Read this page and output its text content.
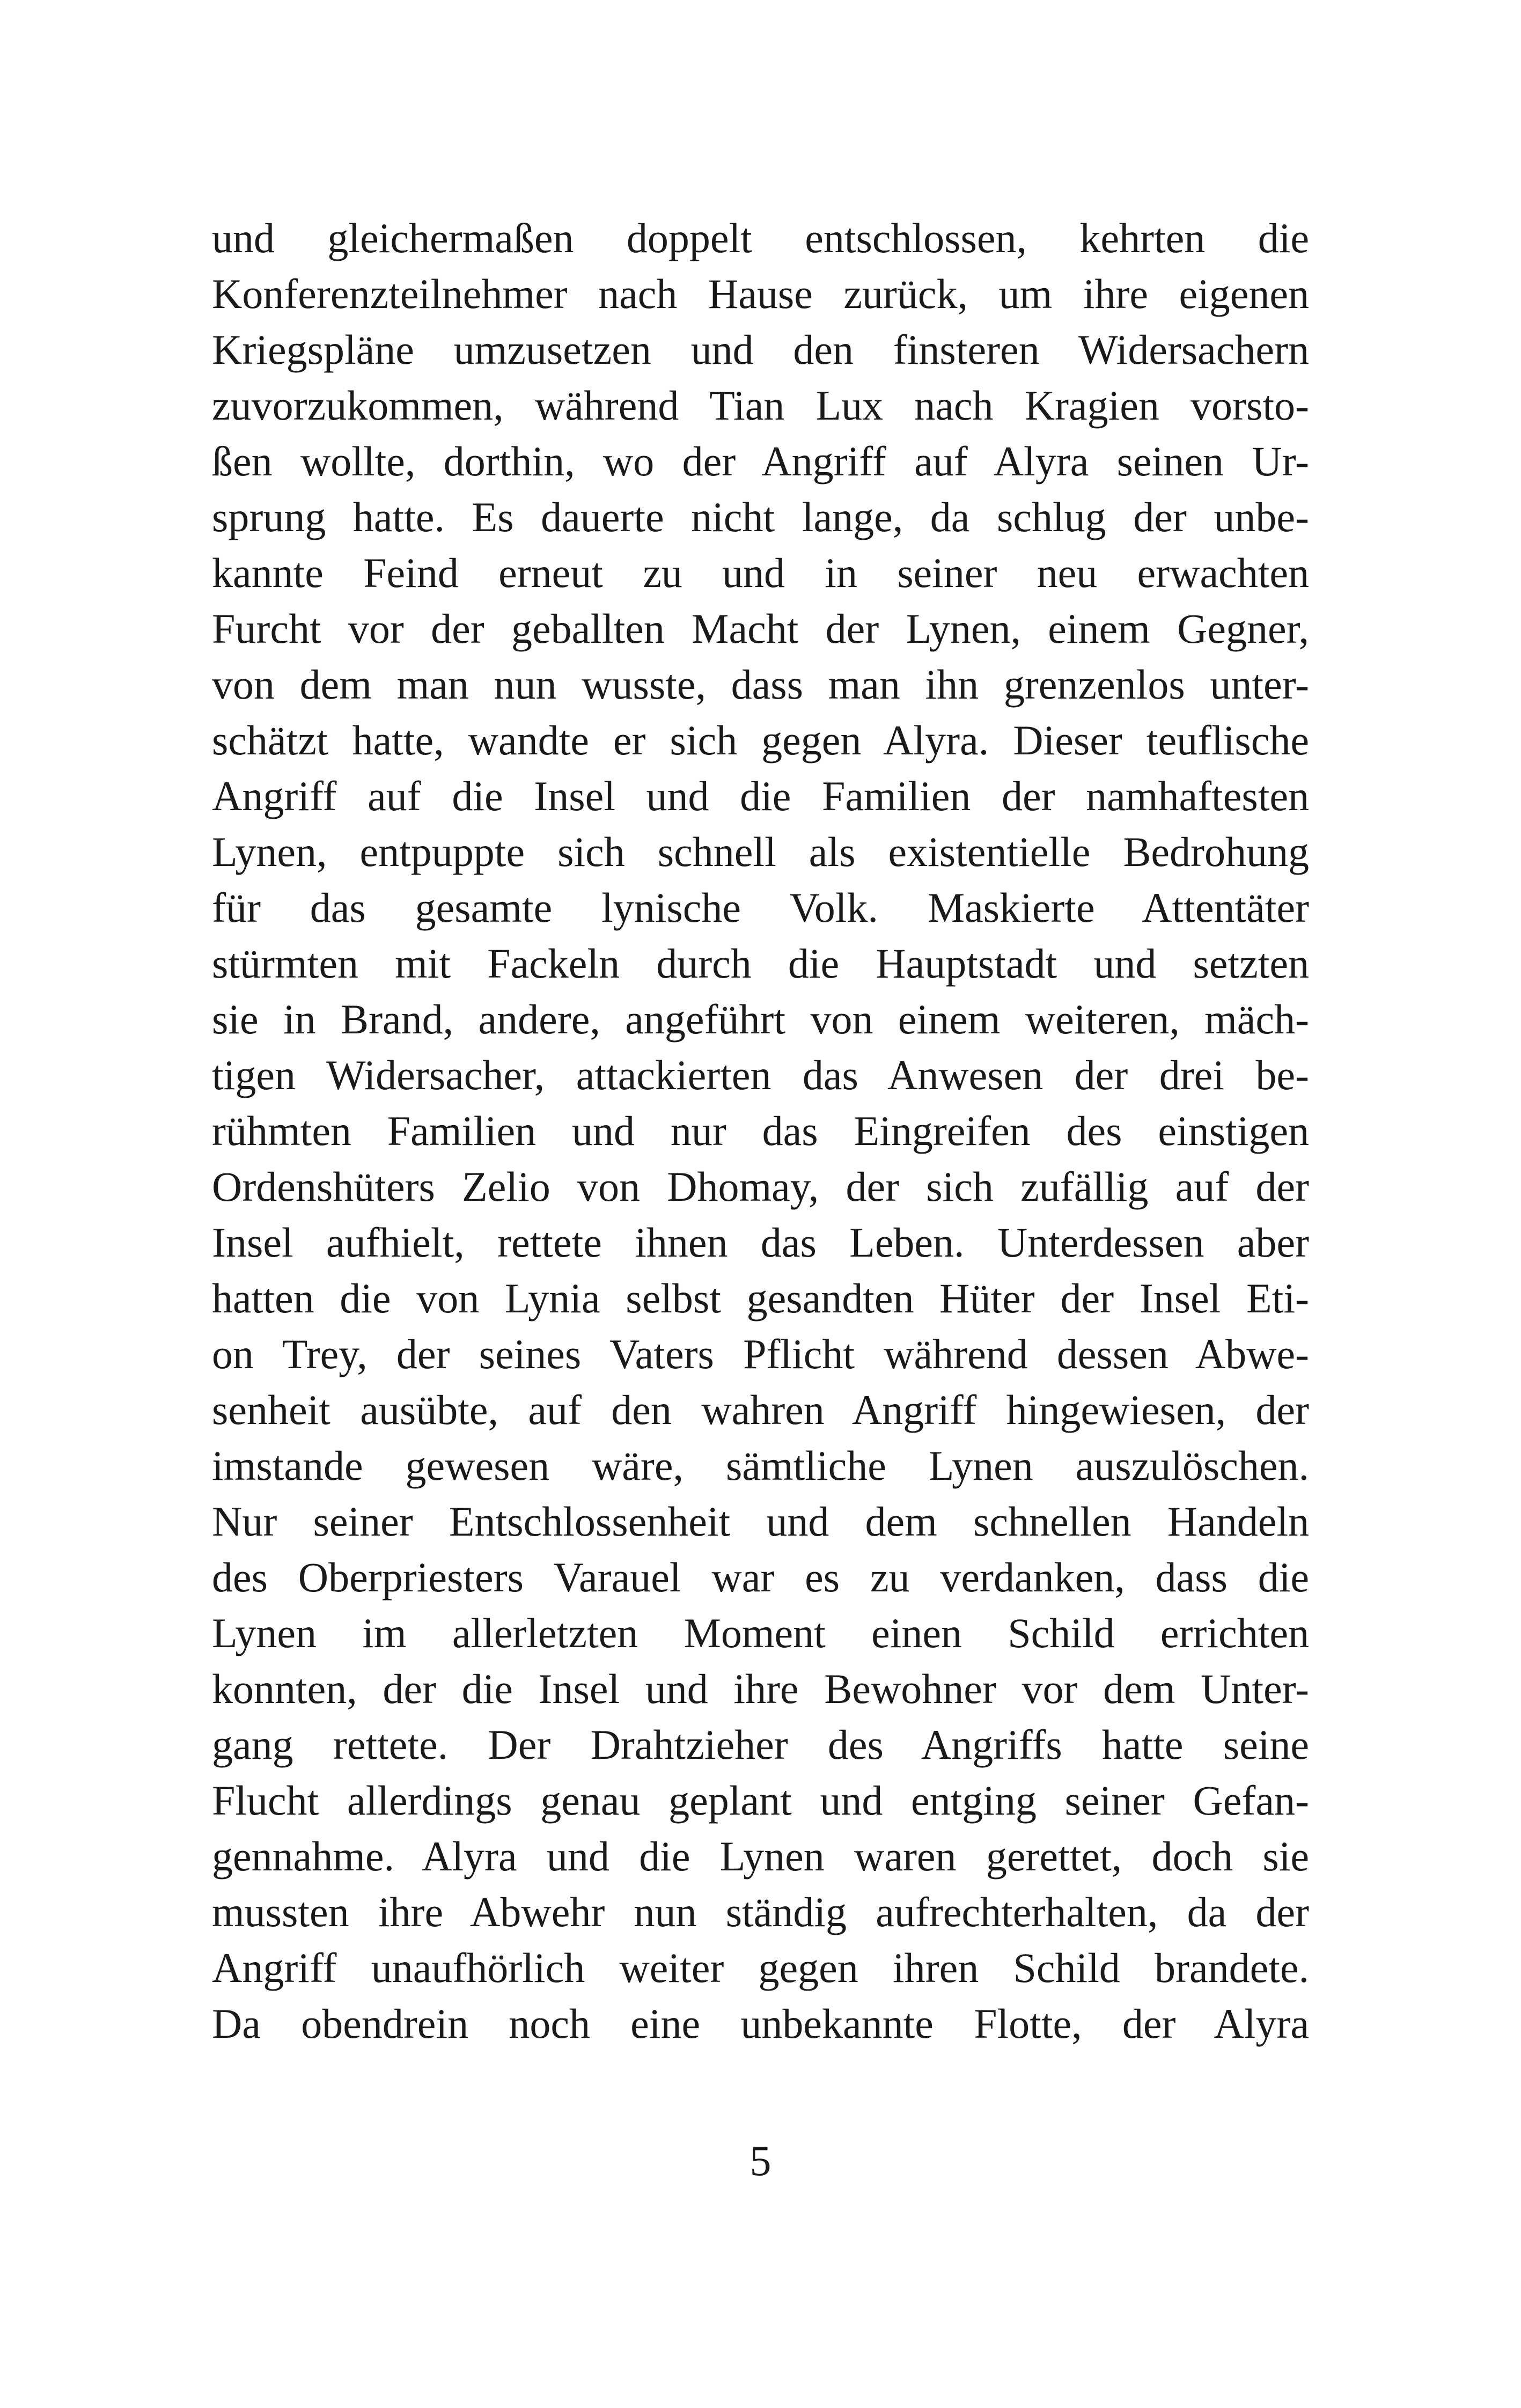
und gleichermaßen doppelt entschlossen, kehrten die
Konferenzteilnehmer nach Hause zurück, um ihre eigenen
Kriegspläne umzusetzen und den finsteren Widersachern
zuvorzukommen, während Tian Lux nach Kragien vorsto-
ßen wollte, dorthin, wo der Angriff auf Alyra seinen Ur-
sprung hatte. Es dauerte nicht lange, da schlug der unbe-
kannte Feind erneut zu und in seiner neu erwachten
Furcht vor der geballten Macht der Lynen, einem Gegner,
von dem man nun wusste, dass man ihn grenzenlos unter-
schätzt hatte, wandte er sich gegen Alyra. Dieser teuflische
Angriff auf die Insel und die Familien der namhaftesten
Lynen, entpuppte sich schnell als existentielle Bedrohung
für das gesamte lynische Volk. Maskierte Attentäter
stürmten mit Fackeln durch die Hauptstadt und setzten
sie in Brand, andere, angeführt von einem weiteren, mäch-
tigen Widersacher, attackierten das Anwesen der drei be-
rühmten Familien und nur das Eingreifen des einstigen
Ordenshüters Zelio von Dhomay, der sich zufällig auf der
Insel aufhielt, rettete ihnen das Leben. Unterdessen aber
hatten die von Lynia selbst gesandten Hüter der Insel Eti-
on Trey, der seines Vaters Pflicht während dessen Abwe-
senheit ausübte, auf den wahren Angriff hingewiesen, der
imstande gewesen wäre, sämtliche Lynen auszulöschen.
Nur seiner Entschlossenheit und dem schnellen Handeln
des Oberpriesters Varauel war es zu verdanken, dass die
Lynen im allerletzten Moment einen Schild errichten
konnten, der die Insel und ihre Bewohner vor dem Unter-
gang rettete. Der Drahtzieher des Angriffs hatte seine
Flucht allerdings genau geplant und entging seiner Gefan-
gennahme. Alyra und die Lynen waren gerettet, doch sie
mussten ihre Abwehr nun ständig aufrechterhalten, da der
Angriff unaufhörlich weiter gegen ihren Schild brandete.
Da obendrein noch eine unbekannte Flotte, der Alyra
5
